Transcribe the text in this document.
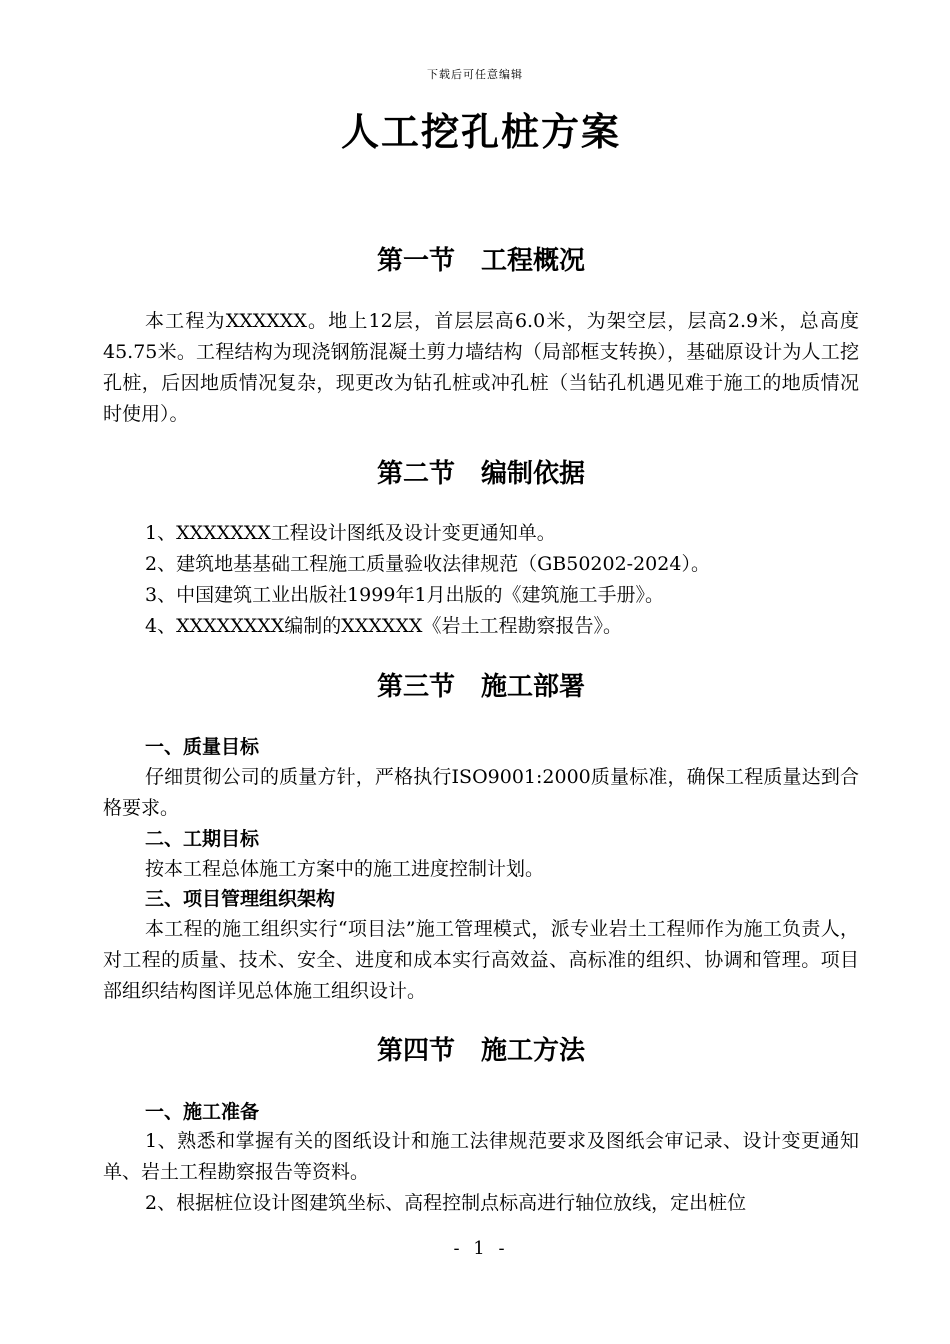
下载后可任意编辑
人工挖孔桩方案
第一节　工程概况

本工程为XXXXXX。地上12层，首层层高6.0米，为架空层，层高2.9米，总高度45.75米。工程结构为现浇钢筋混凝土剪力墙结构（局部框支转换），基础原设计为人工挖孔桩，后因地质情况复杂，现更改为钻孔桩或冲孔桩（当钻孔机遇见难于施工的地质情况时使用）。

第二节　编制依据
1、XXXXXXX工程设计图纸及设计变更通知单。
2、建筑地基基础工程施工质量验收法律规范（GB50202-2024）。
3、中国建筑工业出版社1999年1月出版的《建筑施工手册》。
4、XXXXXXXX编制的XXXXXX《岩土工程勘察报告》。
第三节　施工部署
一、质量目标

仔细贯彻公司的质量方针，严格执行ISO9001:2000质量标准，确保工程质量达到合格要求。

二、工期目标

按本工程总体施工方案中的施工进度控制计划。

三、项目管理组织架构

本工程的施工组织实行“项目法”施工管理模式，派专业岩土工程师作为施工负责人，对工程的质量、技术、安全、进度和成本实行高效益、高标准的组织、协调和管理。项目部组织结构图详见总体施工组织设计。

第四节　施工方法
一、施工准备

1、熟悉和掌握有关的图纸设计和施工法律规范要求及图纸会审记录、设计变更通知单、岩土工程勘察报告等资料。

2、根据桩位设计图建筑坐标、高程控制点标高进行轴位放线，定出桩位

- 1 -
